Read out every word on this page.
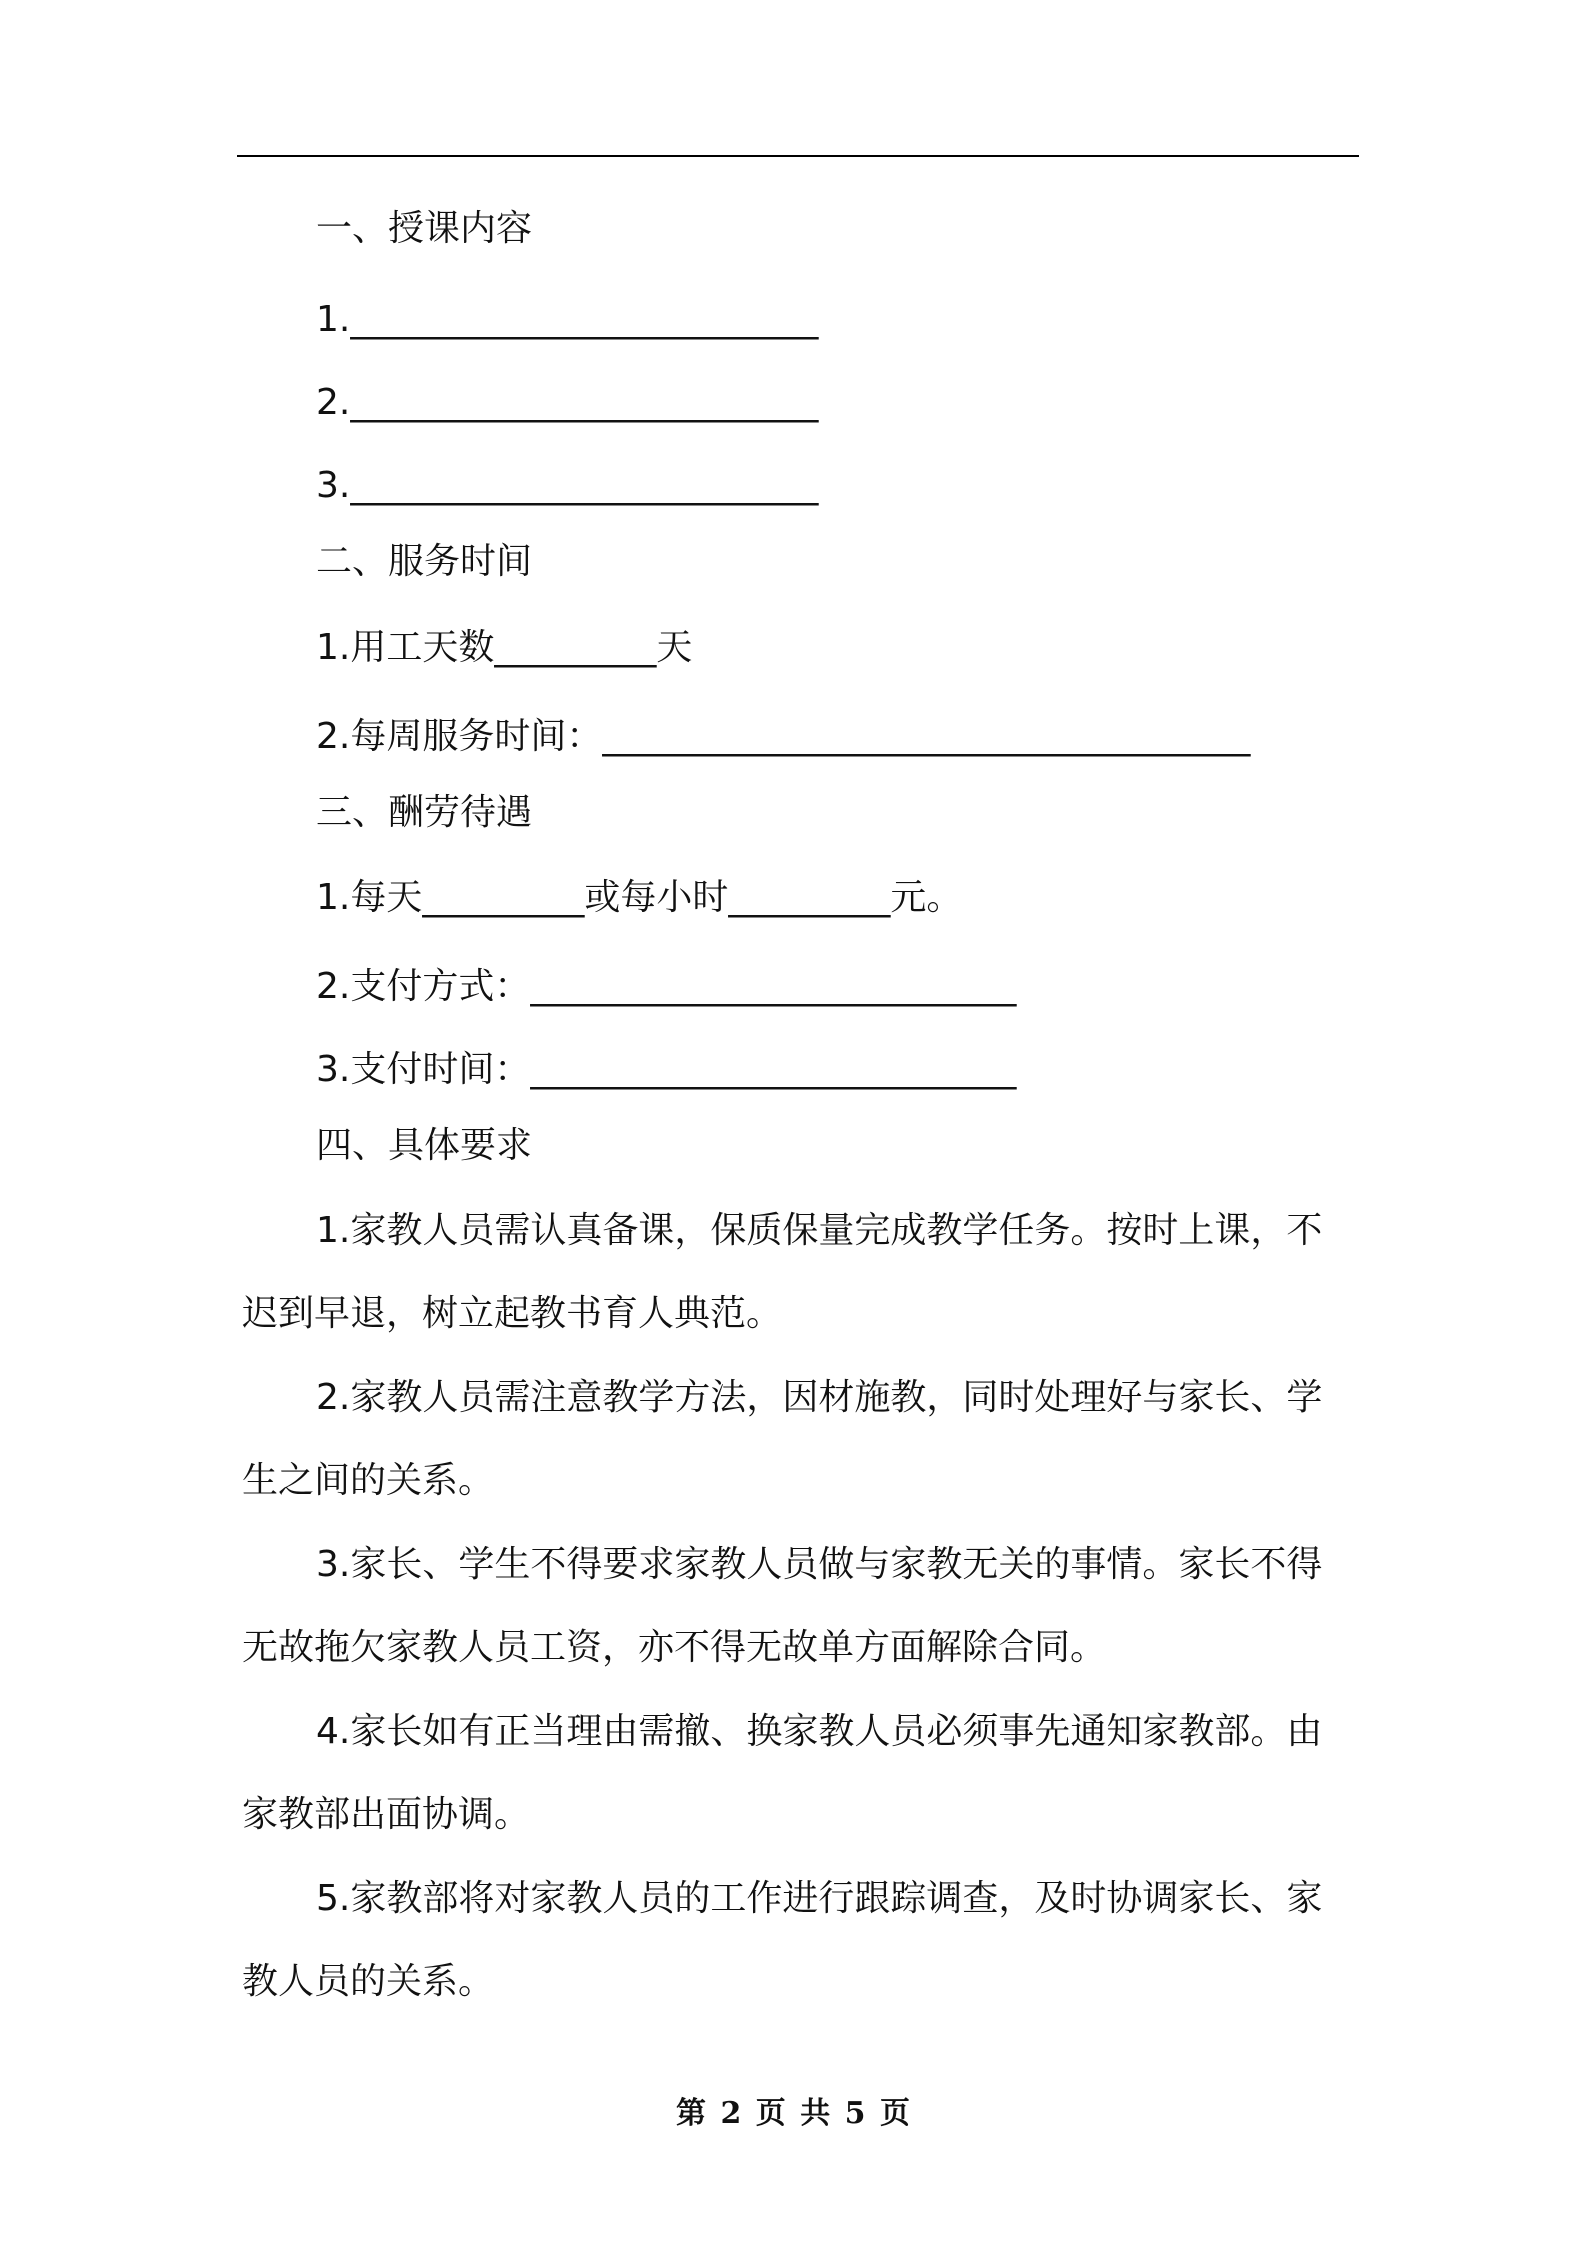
一、授课内容
1.__________________________
2.__________________________
3.__________________________
二、服务时间
1.用工天数_________天
2.每周服务时间：____________________________________
三、酬劳待遇
1.每天_________或每小时_________元。
2.支付方式：___________________________
3.支付时间：___________________________
四、具体要求
1.家教人员需认真备课，保质保量完成教学任务。按时上课，不
迟到早退，树立起教书育人典范。
2.家教人员需注意教学方法，因材施教，同时处理好与家长、学
生之间的关系。
3.家长、学生不得要求家教人员做与家教无关的事情。家长不得
无故拖欠家教人员工资，亦不得无故单方面解除合同。
4.家长如有正当理由需撤、换家教人员必须事先通知家教部。由
家教部出面协调。
5.家教部将对家教人员的工作进行跟踪调查，及时协调家长、家
教人员的关系。
第 2 页 共 5 页
